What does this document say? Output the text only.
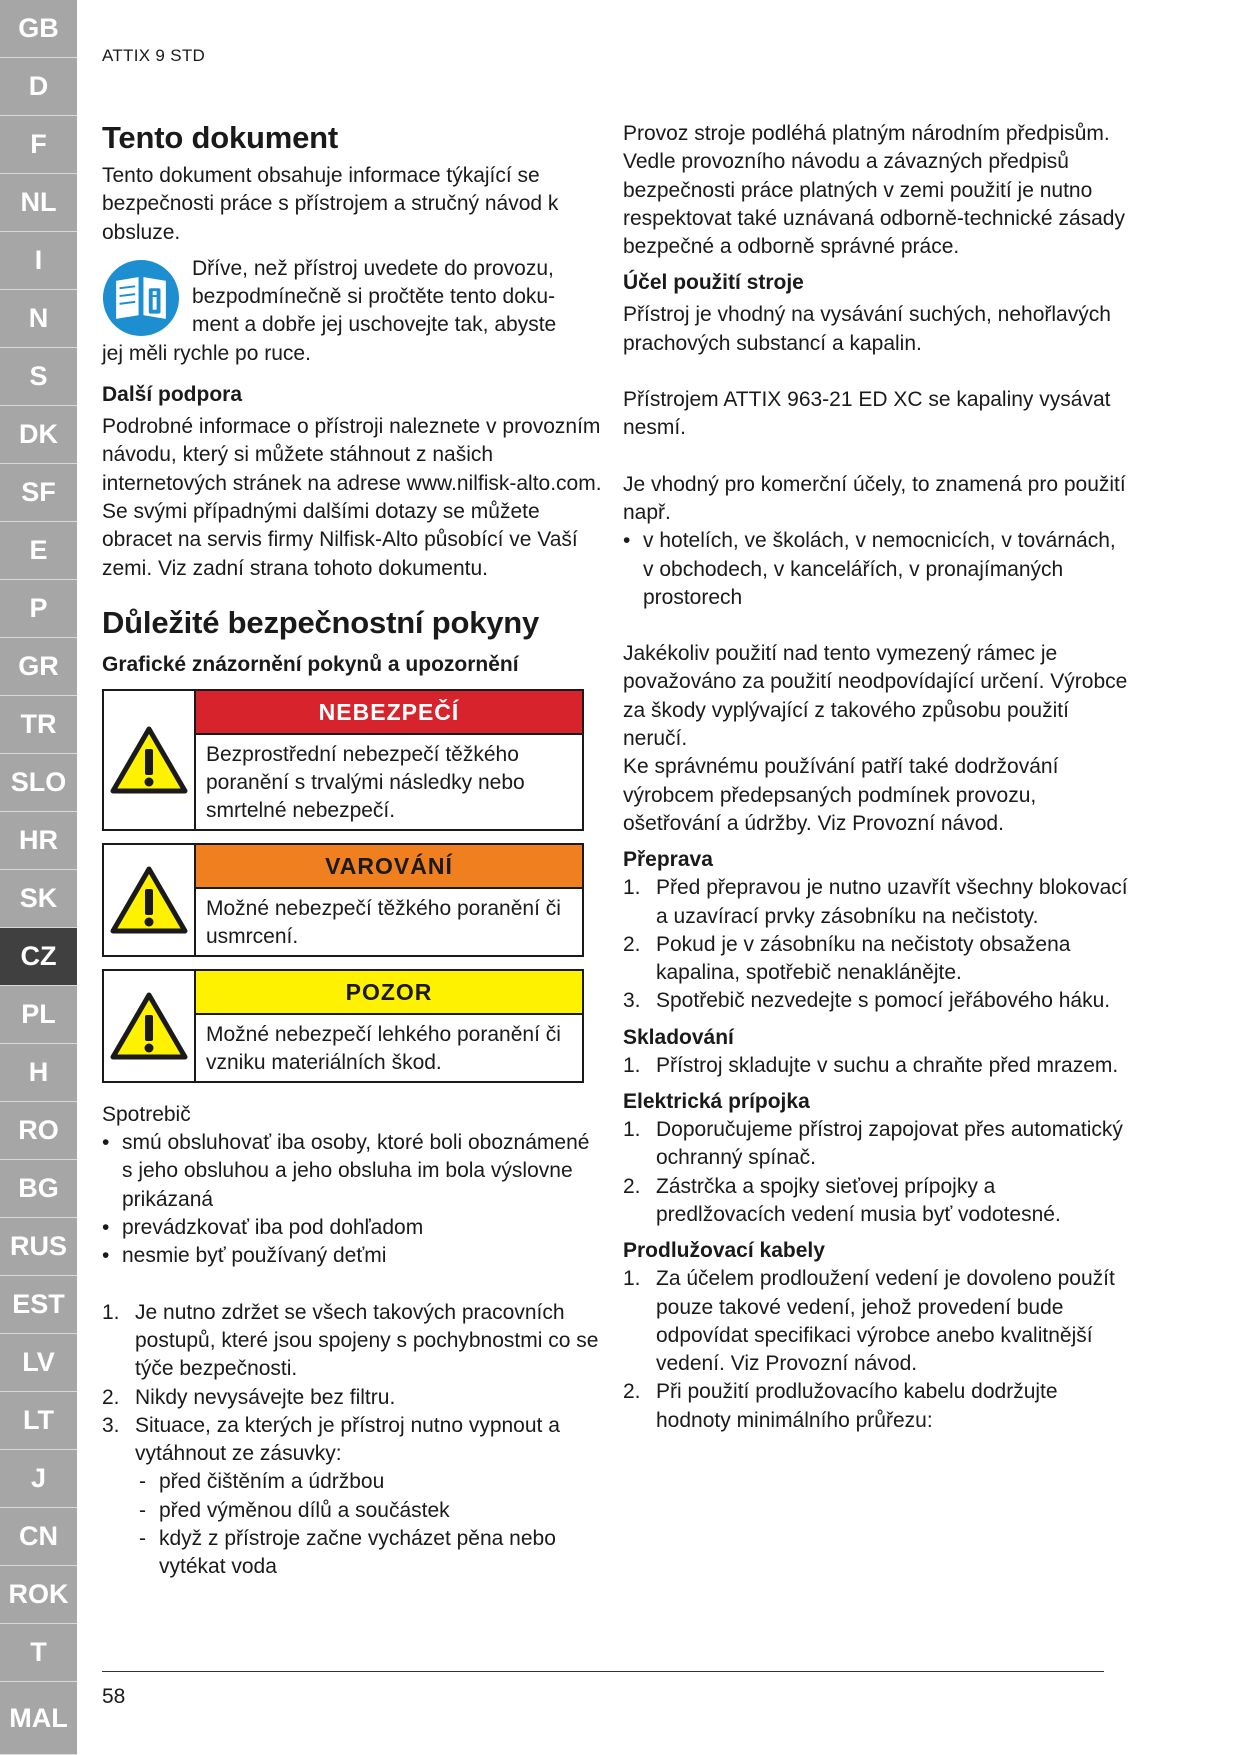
GB
D
F
NL
I
N
S
DK
SF
E
P
GR
TR
SLO
HR
SK
CZ
PL
H
RO
BG
RUS
EST
LV
LT
J
CN
ROK
T
MAL
ATTIX 9 STD
Tento dokument

Tento dokument obsahuje informace týkající se bezpečnosti práce s přístrojem a stručný návod k obsluze.

Dříve, než přístroj uvedete do provozu,

bezpodmínečně si pročtěte tento doku-

ment a dobře jej uschovejte tak, abyste

jej měli rychle po ruce.

Další podpora

Podrobné informace o přístroji naleznete v provozním návodu, který si můžete stáhnout z našich internetových stránek na adrese www.nilfisk-alto.com.

Se svými případnými dalšími dotazy se můžete obracet na servis firmy Nilfisk-Alto působící ve Vaší zemi. Viz zadní strana tohoto dokumentu.

Důležité bezpečnostní pokyny
Grafické znázornění pokynů a upozornění
NEBEZPEČÍ
Bezprostřední nebezpečí těžkého poranění s trvalými následky nebo smrtelné nebezpečí.
VAROVÁNÍ
Možné nebezpečí těžkého poranění či usmrcení.
POZOR
Možné nebezpečí lehkého poranění či vzniku materiálních škod.

Spotrebič

• smú obsluhovať iba osoby, ktoré boli oboznámené s jeho obsluhou a jeho obsluha im bola výslovne prikázaná
• prevádzkovať iba pod dohľadom
• nesmie byť používaný deťmi
1. Je nutno zdržet se všech takových pracovních postupů, které jsou spojeny s pochybnostmi co se týče bezpečnosti.
2. Nikdy nevysávejte bez filtru.
3. Situace, za kterých je přístroj nutno vypnout a vytáhnout ze zásuvky:
- před čištěním a údržbou
- před výměnou dílů a součástek
- když z přístroje začne vycházet pěna nebo vytékat voda

Provoz stroje podléhá platným národním předpisům.

Vedle provozního návodu a závazných předpisů bezpečnosti práce platných v zemi použití je nutno respektovat také uznávaná odborně-technické zásady bezpečné a odborně správné práce.

Účel použití stroje

Přístroj je vhodný na vysávání suchých, nehořlavých prachových substancí a kapalin.

Přístrojem ATTIX 963-21 ED XC se kapaliny vysávat nesmí.

Je vhodný pro komerční účely, to znamená pro použití např.

• v hotelích, ve školách, v nemocnicích, v továrnách, v obchodech, v kancelářích, v pronajímaných prostorech

Jakékoliv použití nad tento vymezený rámec je považováno za použití neodpovídající určení. Výrobce za škody vyplývající z takového způsobu použití neručí.

Ke správnému používání patří také dodržování výrobcem předepsaných podmínek provozu, ošetřování a údržby. Viz Provozní návod.

Přeprava
1. Před přepravou je nutno uzavřít všechny blokovací a uzavírací prvky zásobníku na nečistoty.
2. Pokud je v zásobníku na nečistoty obsažena kapalina, spotřebič nenaklánějte.
3. Spotřebič nezvedejte s pomocí jeřábového háku.
Skladování
1. Přístroj skladujte v suchu a chraňte před mrazem.
Elektrická prípojka
1. Doporučujeme přístroj zapojovat přes automatický ochranný spínač.
2. Zástrčka a spojky sieťovej prípojky a predlžovacích vedení musia byť vodotesné.
Prodlužovací kabely
1. Za účelem prodloužení vedení je dovoleno použít pouze takové vedení, jehož provedení bude odpovídat specifikaci výrobce anebo kvalitnější vedení. Viz Provozní návod.
2. Při použití prodlužovacího kabelu dodržujte hodnoty minimálního průřezu:
58
